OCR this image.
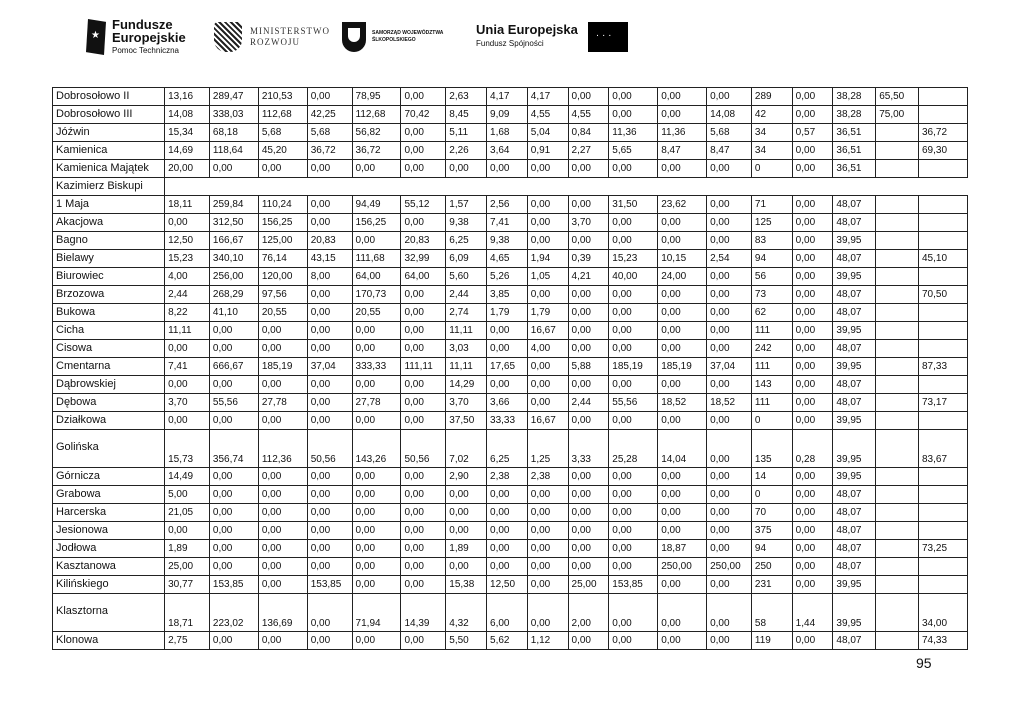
★
Fundusze
Europejskie
Pomoc Techniczna
MINISTERSTWO
ROZWOJU
SAMORZĄD WOJEWÓDZTWA
ŚLKOPOLSKIEGO
Unia Europejska
Fundusz Spójności
· · ·
Dobrosołowo II	13,16	289,47	210,53	0,00	78,95	0,00	2,63	4,17	4,17	0,00	0,00	0,00	0,00	289	0,00	38,28	65,50	
Dobrosołowo III	14,08	338,03	112,68	42,25	112,68	70,42	8,45	9,09	4,55	4,55	0,00	0,00	14,08	42	0,00	38,28	75,00	
Jóźwin	15,34	68,18	5,68	5,68	56,82	0,00	5,11	1,68	5,04	0,84	11,36	11,36	5,68	34	0,57	36,51		36,72
Kamienica	14,69	118,64	45,20	36,72	36,72	0,00	2,26	3,64	0,91	2,27	5,65	8,47	8,47	34	0,00	36,51		69,30
Kamienica Majątek	20,00	0,00	0,00	0,00	0,00	0,00	0,00	0,00	0,00	0,00	0,00	0,00	0,00	0	0,00	36,51		
Kazimierz Biskupi																		
1 Maja	18,11	259,84	110,24	0,00	94,49	55,12	1,57	2,56	0,00	0,00	31,50	23,62	0,00	71	0,00	48,07		
Akacjowa	0,00	312,50	156,25	0,00	156,25	0,00	9,38	7,41	0,00	3,70	0,00	0,00	0,00	125	0,00	48,07		
Bagno	12,50	166,67	125,00	20,83	0,00	20,83	6,25	9,38	0,00	0,00	0,00	0,00	0,00	83	0,00	39,95		
Bielawy	15,23	340,10	76,14	43,15	111,68	32,99	6,09	4,65	1,94	0,39	15,23	10,15	2,54	94	0,00	48,07		45,10
Biurowiec	4,00	256,00	120,00	8,00	64,00	64,00	5,60	5,26	1,05	4,21	40,00	24,00	0,00	56	0,00	39,95		
Brzozowa	2,44	268,29	97,56	0,00	170,73	0,00	2,44	3,85	0,00	0,00	0,00	0,00	0,00	73	0,00	48,07		70,50
Bukowa	8,22	41,10	20,55	0,00	20,55	0,00	2,74	1,79	1,79	0,00	0,00	0,00	0,00	62	0,00	48,07		
Cicha	11,11	0,00	0,00	0,00	0,00	0,00	11,11	0,00	16,67	0,00	0,00	0,00	0,00	111	0,00	39,95		
Cisowa	0,00	0,00	0,00	0,00	0,00	0,00	3,03	0,00	4,00	0,00	0,00	0,00	0,00	242	0,00	48,07		
Cmentarna	7,41	666,67	185,19	37,04	333,33	111,11	11,11	17,65	0,00	5,88	185,19	185,19	37,04	111	0,00	39,95		87,33
Dąbrowskiej	0,00	0,00	0,00	0,00	0,00	0,00	14,29	0,00	0,00	0,00	0,00	0,00	0,00	143	0,00	48,07		
Dębowa	3,70	55,56	27,78	0,00	27,78	0,00	3,70	3,66	0,00	2,44	55,56	18,52	18,52	111	0,00	48,07		73,17
Działkowa	0,00	0,00	0,00	0,00	0,00	0,00	37,50	33,33	16,67	0,00	0,00	0,00	0,00	0	0,00	39,95		
Golińska	15,73	356,74	112,36	50,56	143,26	50,56	7,02	6,25	1,25	3,33	25,28	14,04	0,00	135	0,28	39,95		83,67
Górnicza	14,49	0,00	0,00	0,00	0,00	0,00	2,90	2,38	2,38	0,00	0,00	0,00	0,00	14	0,00	39,95		
Grabowa	5,00	0,00	0,00	0,00	0,00	0,00	0,00	0,00	0,00	0,00	0,00	0,00	0,00	0	0,00	48,07		
Harcerska	21,05	0,00	0,00	0,00	0,00	0,00	0,00	0,00	0,00	0,00	0,00	0,00	0,00	70	0,00	48,07		
Jesionowa	0,00	0,00	0,00	0,00	0,00	0,00	0,00	0,00	0,00	0,00	0,00	0,00	0,00	375	0,00	48,07		
Jodłowa	1,89	0,00	0,00	0,00	0,00	0,00	1,89	0,00	0,00	0,00	0,00	18,87	0,00	94	0,00	48,07		73,25
Kasztanowa	25,00	0,00	0,00	0,00	0,00	0,00	0,00	0,00	0,00	0,00	0,00	250,00	250,00	250	0,00	48,07		
Kilińskiego	30,77	153,85	0,00	153,85	0,00	0,00	15,38	12,50	0,00	25,00	153,85	0,00	0,00	231	0,00	39,95		
Klasztorna	18,71	223,02	136,69	0,00	71,94	14,39	4,32	6,00	0,00	2,00	0,00	0,00	0,00	58	1,44	39,95		34,00
Klonowa	2,75	0,00	0,00	0,00	0,00	0,00	5,50	5,62	1,12	0,00	0,00	0,00	0,00	119	0,00	48,07		74,33
95
